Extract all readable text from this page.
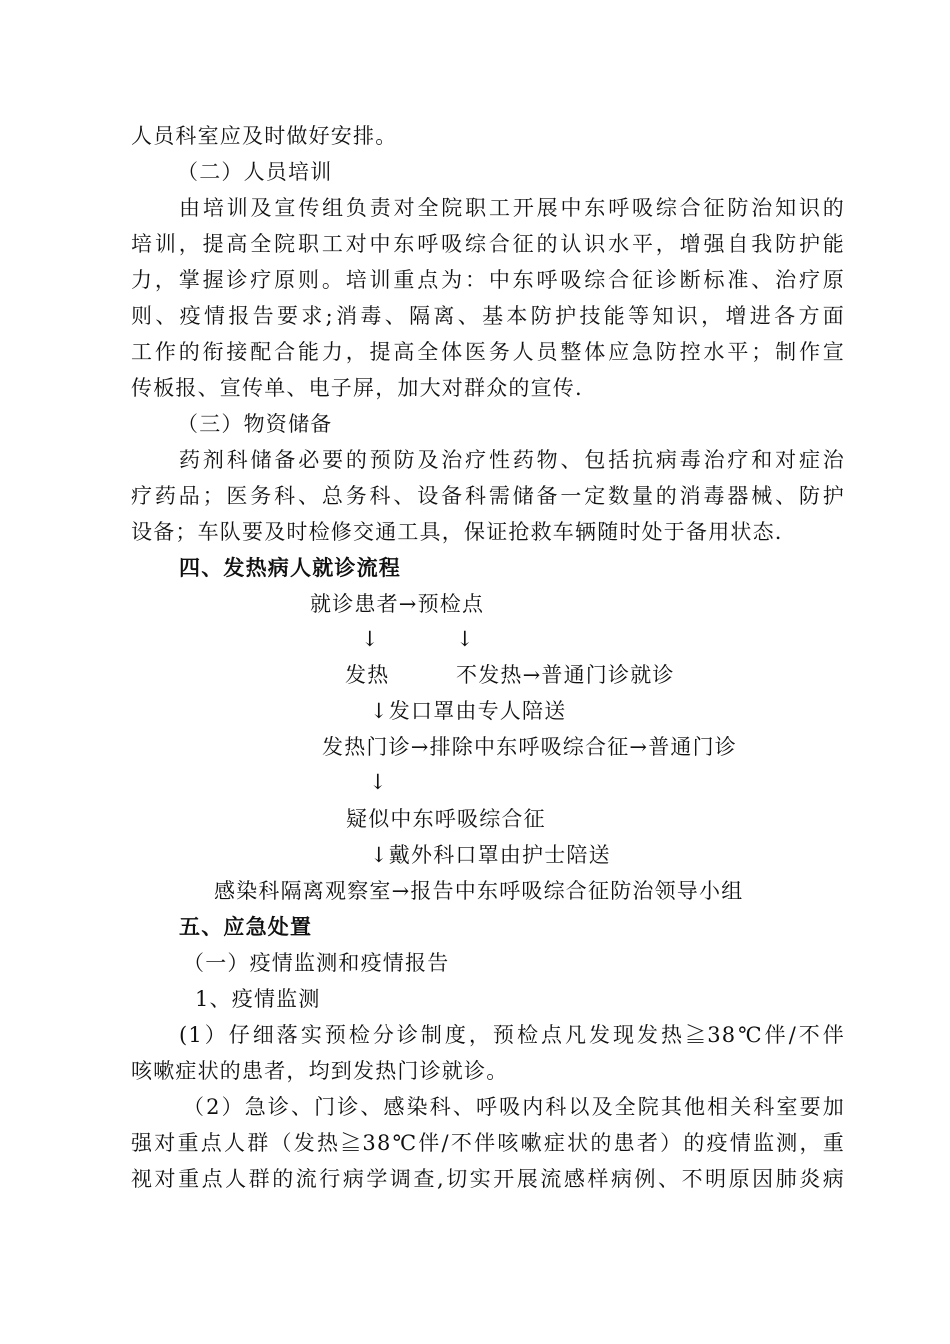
人员科室应及时做好安排。
（二）人员培训
由培训及宣传组负责对全院职工开展中东呼吸综合征防治知识的
培训，提高全院职工对中东呼吸综合征的认识水平，增强自我防护能
力，掌握诊疗原则。培训重点为：中东呼吸综合征诊断标准、治疗原
则、疫情报告要求;消毒、隔离、基本防护技能等知识，增进各方面
工作的衔接配合能力，提高全体医务人员整体应急防控水平；制作宣
传板报、宣传单、电子屏，加大对群众的宣传.
（三）物资储备
药剂科储备必要的预防及治疗性药物、包括抗病毒治疗和对症治
疗药品；医务科、总务科、设备科需储备一定数量的消毒器械、防护
设备；车队要及时检修交通工具，保证抢救车辆随时处于备用状态.
四、发热病人就诊流程
就诊患者→预检点
↓	↓
发热	不发热→普通门诊就诊
↓发口罩由专人陪送
发热门诊→排除中东呼吸综合征→普通门诊
↓
疑似中东呼吸综合征
↓戴外科口罩由护士陪送
感染科隔离观察室→报告中东呼吸综合征防治领导小组
五、应急处置
（一）疫情监测和疫情报告
1、疫情监测
(1）仔细落实预检分诊制度，预检点凡发现发热≧38℃伴/不伴
咳嗽症状的患者，均到发热门诊就诊。
（2）急诊、门诊、感染科、呼吸内科以及全院其他相关科室要加
强对重点人群（发热≧38℃伴/不伴咳嗽症状的患者）的疫情监测，重
视对重点人群的流行病学调查,切实开展流感样病例、不明原因肺炎病
